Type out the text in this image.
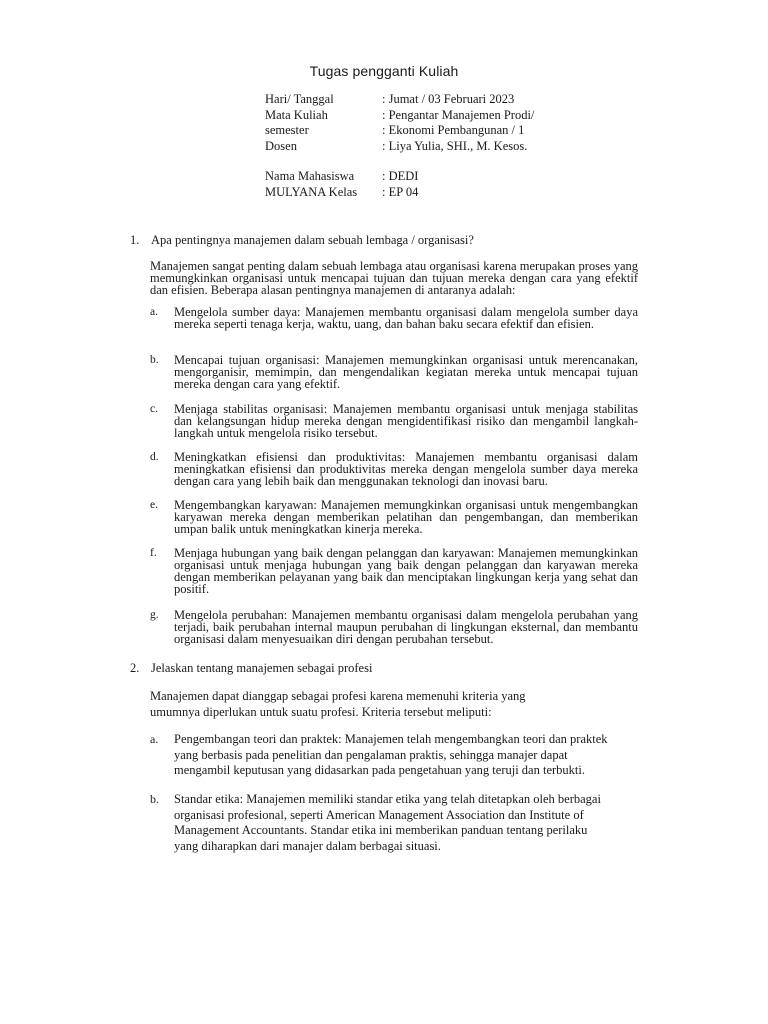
Tugas pengganti Kuliah
Hari/ Tanggal	: Jumat / 03 Februari 2023
Mata Kuliah	: Pengantar Manajemen Prodi/
semester	: Ekonomi Pembangunan / 1
Dosen	: Liya Yulia, SHI., M. Kesos.
Nama Mahasiswa	: DEDI
MULYANA Kelas	: EP 04
1. Apa pentingnya manajemen dalam sebuah lembaga / organisasi?
Manajemen sangat penting dalam sebuah lembaga atau organisasi karena merupakan proses yang memungkinkan organisasi untuk mencapai tujuan dan tujuan mereka dengan cara yang efektif dan efisien. Beberapa alasan pentingnya manajemen di antaranya adalah:
a. Mengelola sumber daya: Manajemen membantu organisasi dalam mengelola sumber daya mereka seperti tenaga kerja, waktu, uang, dan bahan baku secara efektif dan efisien.
b. Mencapai tujuan organisasi: Manajemen memungkinkan organisasi untuk merencanakan, mengorganisir, memimpin, dan mengendalikan kegiatan mereka untuk mencapai tujuan mereka dengan cara yang efektif.
c. Menjaga stabilitas organisasi: Manajemen membantu organisasi untuk menjaga stabilitas dan kelangsungan hidup mereka dengan mengidentifikasi risiko dan mengambil langkah-langkah untuk mengelola risiko tersebut.
d. Meningkatkan efisiensi dan produktivitas: Manajemen membantu organisasi dalam meningkatkan efisiensi dan produktivitas mereka dengan mengelola sumber daya mereka dengan cara yang lebih baik dan menggunakan teknologi dan inovasi baru.
e. Mengembangkan karyawan: Manajemen memungkinkan organisasi untuk mengembangkan karyawan mereka dengan memberikan pelatihan dan pengembangan, dan memberikan umpan balik untuk meningkatkan kinerja mereka.
f. Menjaga hubungan yang baik dengan pelanggan dan karyawan: Manajemen memungkinkan organisasi untuk menjaga hubungan yang baik dengan pelanggan dan karyawan mereka dengan memberikan pelayanan yang baik dan menciptakan lingkungan kerja yang sehat dan positif.
g. Mengelola perubahan: Manajemen membantu organisasi dalam mengelola perubahan yang terjadi, baik perubahan internal maupun perubahan di lingkungan eksternal, dan membantu organisasi dalam menyesuaikan diri dengan perubahan tersebut.
2. Jelaskan tentang manajemen sebagai profesi
Manajemen dapat dianggap sebagai profesi karena memenuhi kriteria yang
umumnya diperlukan untuk suatu profesi. Kriteria tersebut meliputi:
a. Pengembangan teori dan praktek: Manajemen telah mengembangkan teori dan praktek
yang berbasis pada penelitian dan pengalaman praktis, sehingga manajer dapat
mengambil keputusan yang didasarkan pada pengetahuan yang teruji dan terbukti.
b. Standar etika: Manajemen memiliki standar etika yang telah ditetapkan oleh berbagai
organisasi profesional, seperti American Management Association dan Institute of
Management Accountants. Standar etika ini memberikan panduan tentang perilaku
yang diharapkan dari manajer dalam berbagai situasi.
